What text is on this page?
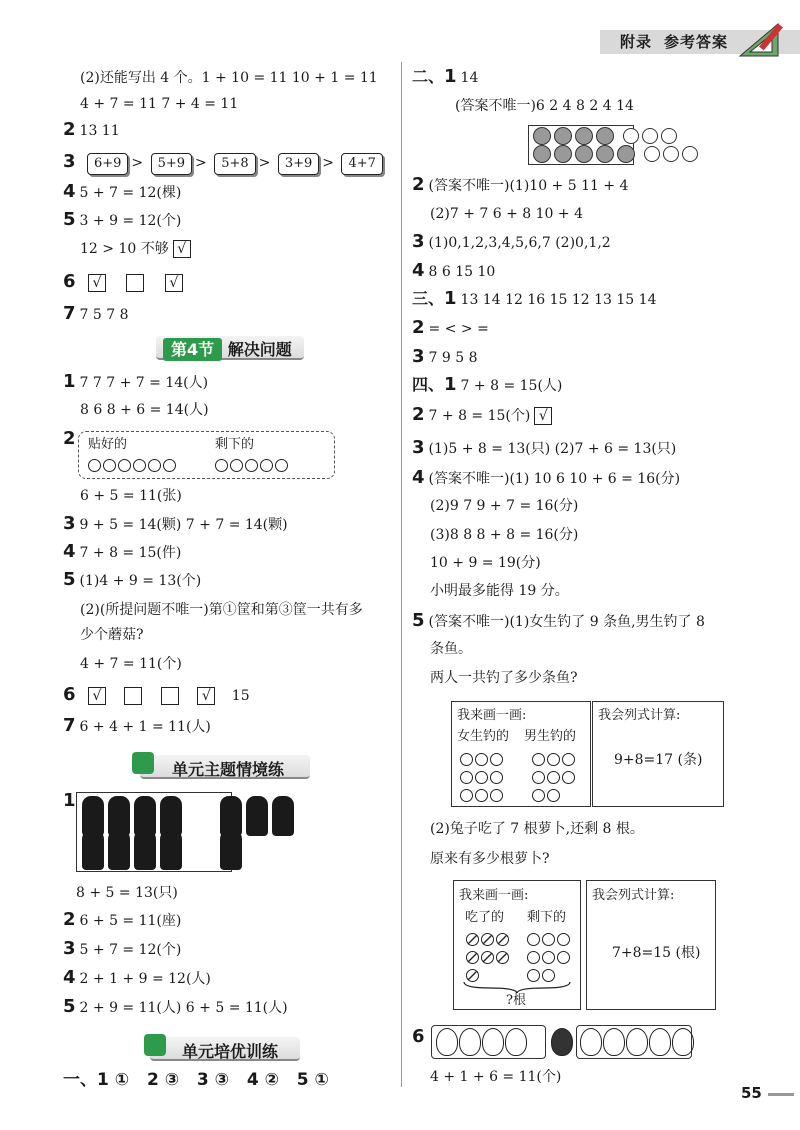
附录 参考答案
(2)还能写出 4 个。1 + 10 = 11 10 + 1 = 11
4 + 7 = 11 7 + 4 = 11
2 13 11
3 6+9 > 5+9 > 5+8 > 3+9 > 4+7
4 5 + 7 = 12(棵)
5 3 + 9 = 12(个)
12 > 10 不够 √
6 √	√
7 7 5 7 8
第4节 解决问题
1 7 7 7 + 7 = 14(人)
8 6 8 + 6 = 14(人)
2 贴好的	剩下的
6 + 5 = 11(张)
3 9 + 5 = 14(颗) 7 + 7 = 14(颗)
4 7 + 8 = 15(件)
5 (1)4 + 9 = 13(个)
(2)(所提问题不唯一)第①筐和第③筐一共有多
少个蘑菇?
4 + 7 = 11(个)
6 √	√ 15
7 6 + 4 + 1 = 11(人)
单元主题情境练
1

8 + 5 = 13(只)
2 6 + 5 = 11(座)
3 5 + 7 = 12(个)
4 2 + 1 + 9 = 12(人)
5 2 + 9 = 11(人) 6 + 5 = 11(人)
单元培优训练
一、1 ① 2 ③ 3 ③ 4 ② 5 ①
二、1 14
(答案不唯一)6 2 4 8 2 4 14
2 (答案不唯一)(1)10 + 5 11 + 4
(2)7 + 7 6 + 8 10 + 4
3 (1)0,1,2,3,4,5,6,7 (2)0,1,2
4 8 6 15 10
三、1 13 14 12 16 15 12 13 15 14
2 = < > =
3 7 9 5 8
四、1 7 + 8 = 15(人)
2 7 + 8 = 15(个) √
3 (1)5 + 8 = 13(只) (2)7 + 6 = 13(只)
4 (答案不唯一)(1) 10 6 10 + 6 = 16(分)
(2)9 7 9 + 7 = 16(分)
(3)8 8 8 + 8 = 16(分)
10 + 9 = 19(分)
小明最多能得 19 分。
5 (答案不唯一)(1)女生钓了 9 条鱼,男生钓了 8
条鱼。
两人一共钓了多少条鱼?
我来画一画:
女生钓的 男生钓的
我会列式计算:
9+8=17 (条)
(2)兔子吃了 7 根萝卜,还剩 8 根。
原来有多少根萝卜?
我来画一画:
吃了的 剩下的
?根
我会列式计算:
7+8=15 (根)
6
4 + 1 + 6 = 11(个)
55
